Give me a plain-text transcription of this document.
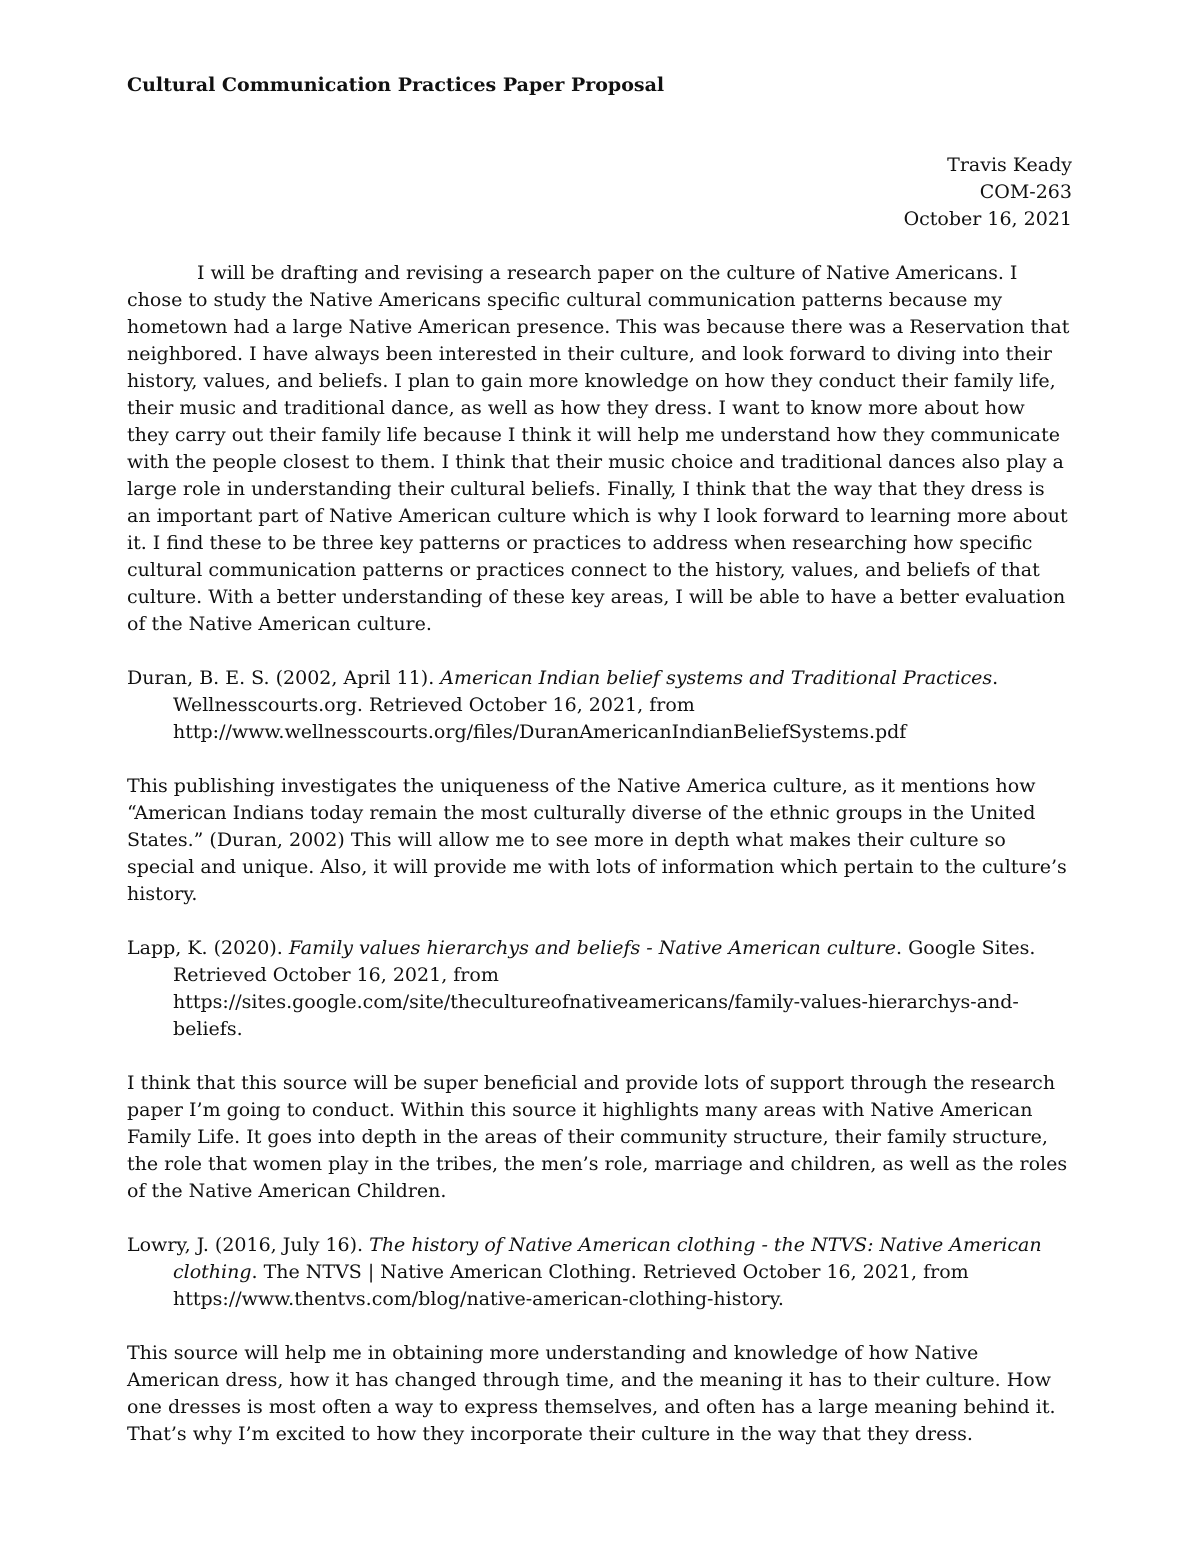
Cultural Communication Practices Paper Proposal
Travis Keady
COM-263
October 16, 2021

I will be drafting and revising a research paper on the culture of Native Americans. I chose to study the Native Americans specific cultural communication patterns because my hometown had a large Native American presence. This was because there was a Reservation that neighbored. I have always been interested in their culture, and look forward to diving into their history, values, and beliefs. I plan to gain more knowledge on how they conduct their family life, their music and traditional dance, as well as how they dress. I want to know more about how they carry out their family life because I think it will help me understand how they communicate with the people closest to them. I think that their music choice and traditional dances also play a large role in understanding their cultural beliefs. Finally, I think that the way that they dress is an important part of Native American culture which is why I look forward to learning more about it. I find these to be three key patterns or practices to address when researching how specific cultural communication patterns or practices connect to the history, values, and beliefs of that culture. With a better understanding of these key areas, I will be able to have a better evaluation of the Native American culture.

Duran, B. E. S. (2002, April 11). American Indian belief systems and Traditional Practices. Wellnesscourts.org. Retrieved October 16, 2021, from http://www.wellnesscourts.org/files/DuranAmericanIndianBeliefSystems.pdf

This publishing investigates the uniqueness of the Native America culture, as it mentions how “American Indians today remain the most culturally diverse of the ethnic groups in the United States.” (Duran, 2002) This will allow me to see more in depth what makes their culture so special and unique. Also, it will provide me with lots of information which pertain to the culture’s history.

Lapp, K. (2020). Family values hierarchys and beliefs - Native American culture. Google Sites. Retrieved October 16, 2021, from https://sites.google.com/site/thecultureofnativeamericans/family-values-hierarchys-and-beliefs.

I think that this source will be super beneficial and provide lots of support through the research paper I’m going to conduct. Within this source it highlights many areas with Native American Family Life. It goes into depth in the areas of their community structure, their family structure, the role that women play in the tribes, the men’s role, marriage and children, as well as the roles of the Native American Children.

Lowry, J. (2016, July 16). The history of Native American clothing - the NTVS: Native American clothing. The NTVS | Native American Clothing. Retrieved October 16, 2021, from https://www.thentvs.com/blog/native-american-clothing-history.

This source will help me in obtaining more understanding and knowledge of how Native American dress, how it has changed through time, and the meaning it has to their culture. How one dresses is most often a way to express themselves, and often has a large meaning behind it. That’s why I’m excited to how they incorporate their culture in the way that they dress.
